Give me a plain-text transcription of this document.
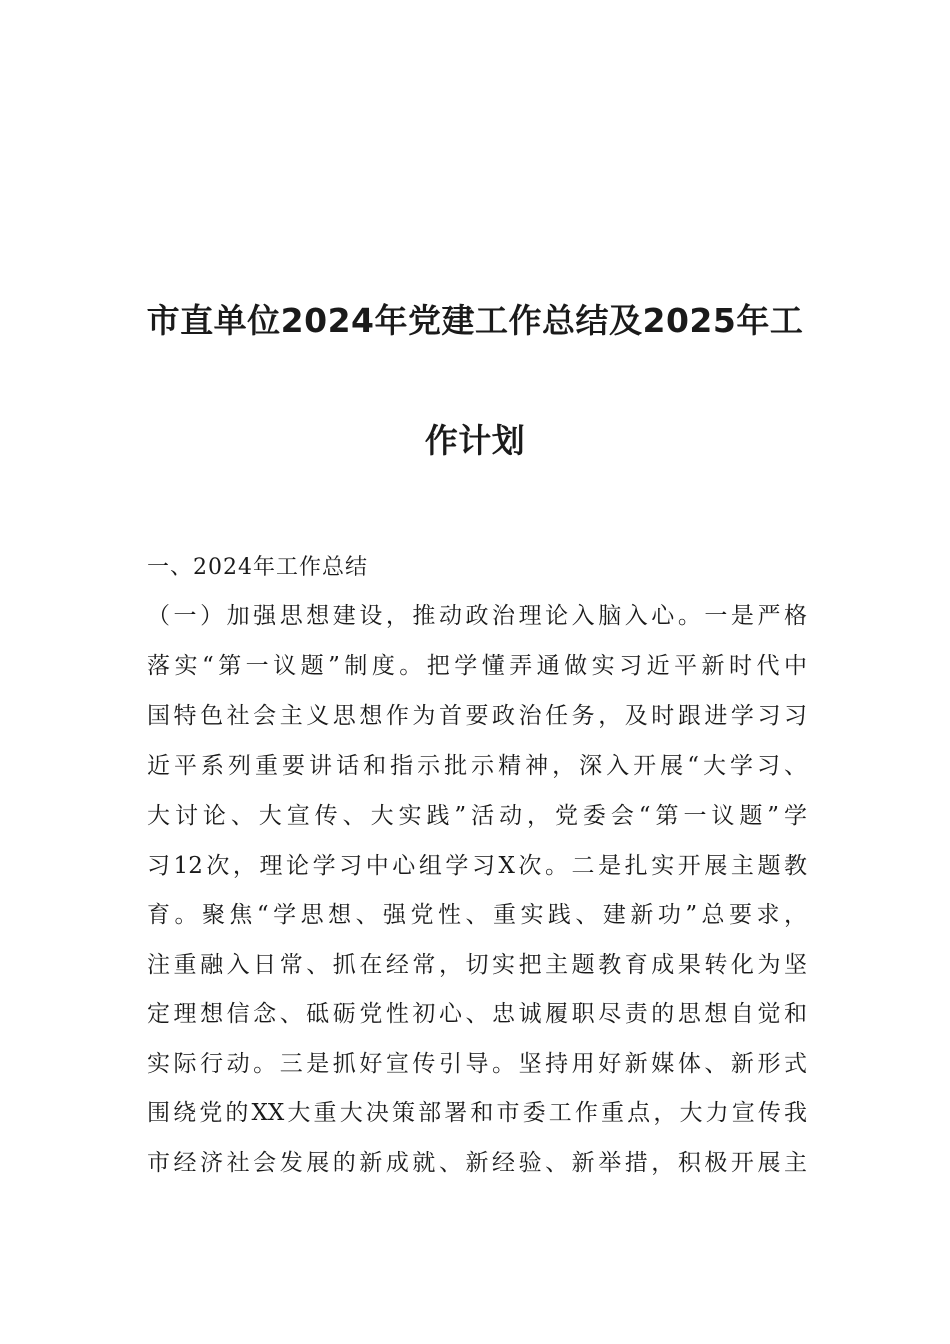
市直单位2024年党建工作总结及2025年工
作计划

一、2024年工作总结

（一）加强思想建设，推动政治理论入脑入心。一是严格

落实“第一议题”制度。把学懂弄通做实习近平新时代中

国特色社会主义思想作为首要政治任务，及时跟进学习习

近平系列重要讲话和指示批示精神，深入开展“大学习、

大讨论、大宣传、大实践”活动，党委会“第一议题”学

习12次，理论学习中心组学习X次。二是扎实开展主题教

育。聚焦“学思想、强党性、重实践、建新功”总要求，

注重融入日常、抓在经常，切实把主题教育成果转化为坚

定理想信念、砥砺党性初心、忠诚履职尽责的思想自觉和

实际行动。三是抓好宣传引导。坚持用好新媒体、新形式

围绕党的XX大重大决策部署和市委工作重点，大力宣传我

市经济社会发展的新成就、新经验、新举措，积极开展主
